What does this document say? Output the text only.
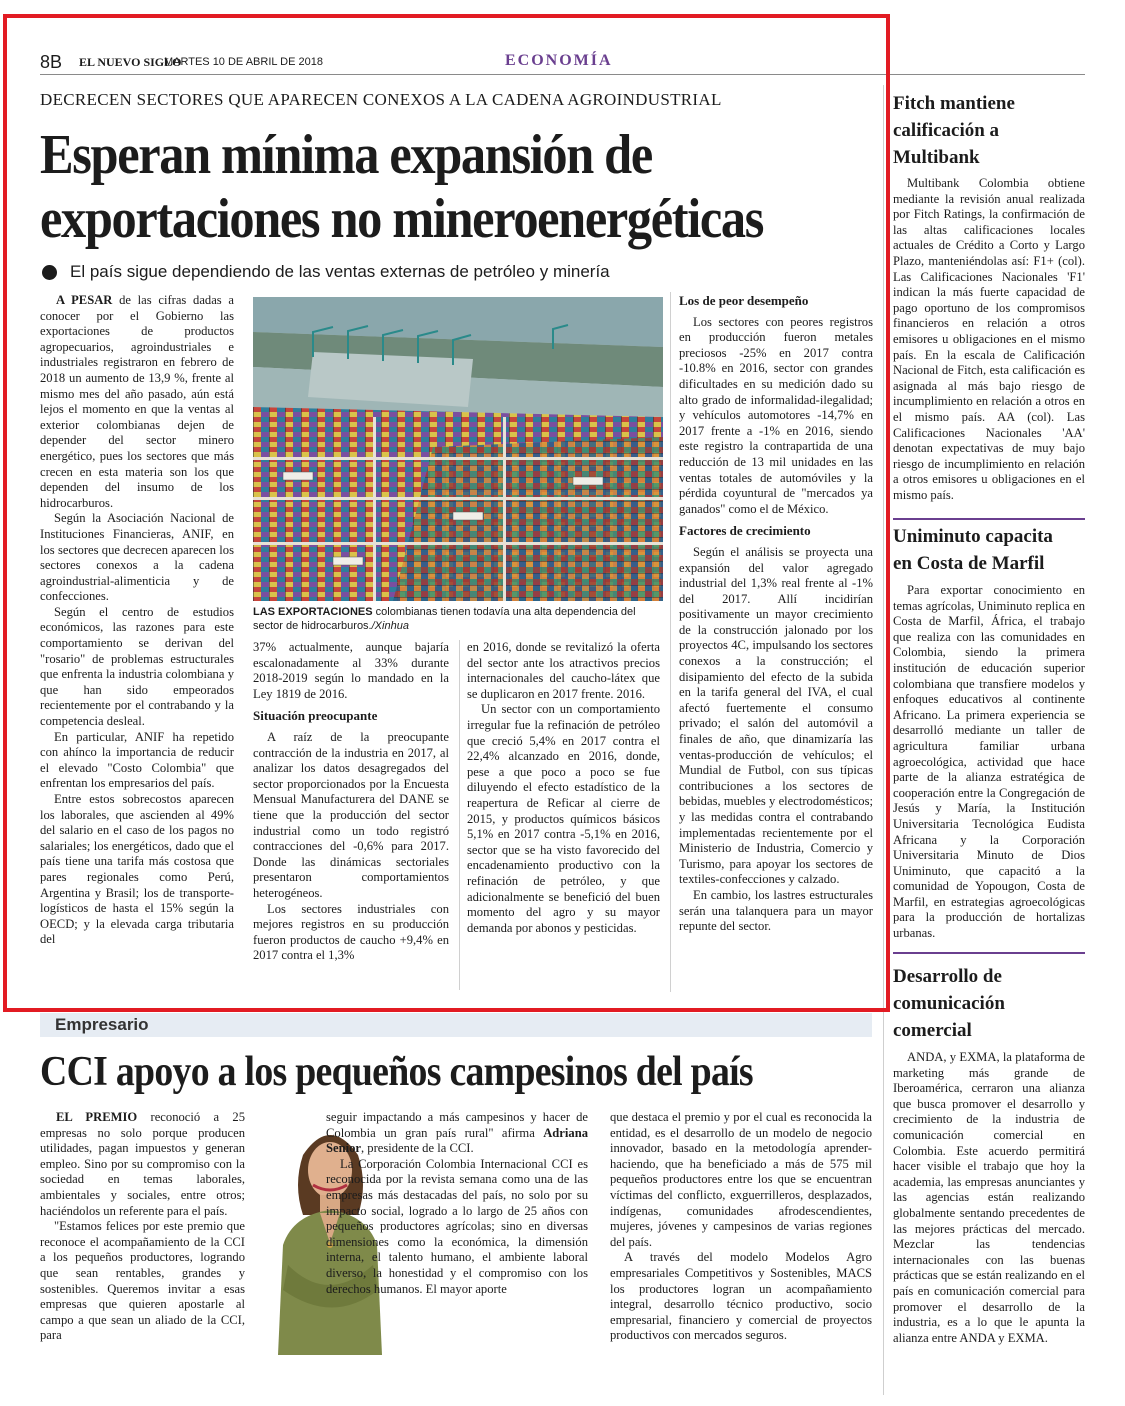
8B EL NUEVO SIGLO
MARTES 10 DE ABRIL DE 2018	ECONOMÍA
DECRECEN SECTORES QUE APARECEN CONEXOS A LA CADENA AGROINDUSTRIAL
Esperan mínima expansión de
exportaciones no mineroenergéticas
El país sigue dependiendo de las ventas externas de petróleo y minería

A PESAR de las cifras dadas a conocer por el Gobierno las exportaciones de productos agropecuarios, agroindustriales e industriales registraron en febrero de 2018 un aumento de 13,9 %, frente al mismo mes del año pasado, aún está lejos el momento en que la ventas al exterior colombianas dejen de depender del sector minero energético, pues los sectores que más crecen en esta materia son los que dependen del insumo de los hidrocarburos.

Según la Asociación Nacional de Instituciones Financieras, ANIF, en los sectores que decrecen aparecen los sectores conexos a la cadena agroindustrial-alimenticia y de confecciones.

Según el centro de estudios económicos, las razones para este comportamiento se derivan del "rosario" de problemas estructurales que enfrenta la industria colombiana y que han sido empeorados recientemente por el contrabando y la competencia desleal.

En particular, ANIF ha repetido con ahínco la importancia de reducir el elevado "Costo Colombia" que enfrentan los empresarios del país.

Entre estos sobrecostos aparecen los laborales, que ascienden al 49% del salario en el caso de los pagos no salariales; los energéticos, dado que el país tiene una tarifa más costosa que pares regionales como Perú, Argentina y Brasil; los de transporte-logísticos de hasta el 15% según la OECD; y la elevada carga tributaria del

LAS EXPORTACIONES colombianas tienen todavía una alta dependencia del sector de hidrocarburos./Xinhua

37% actualmente, aunque bajaría escalonadamente al 33% durante 2018-2019 según lo mandado en la Ley 1819 de 2016.

Situación preocupante

A raíz de la preocupante contracción de la industria en 2017, al analizar los datos desagregados del sector proporcionados por la Encuesta Mensual Manufacturera del DANE se tiene que la producción del sector industrial como un todo registró contracciones del -0,6% para 2017. Donde las dinámicas sectoriales presentaron comportamientos heterogéneos.

Los sectores industriales con mejores registros en su producción fueron productos de caucho +9,4% en 2017 contra el 1,3%

en 2016, donde se revitalizó la oferta del sector ante los atractivos precios internacionales del caucho-látex que se duplicaron en 2017 frente. 2016.

Un sector con un comportamiento irregular fue la refinación de petróleo que creció 5,4% en 2017 contra el 22,4% alcanzado en 2016, donde, pese a que poco a poco se fue diluyendo el efecto estadístico de la reapertura de Reficar al cierre de 2015, y productos químicos básicos 5,1% en 2017 contra -5,1% en 2016, sector que se ha visto favorecido del encadenamiento productivo con la refinación de petróleo, y que adicionalmente se benefició del buen momento del agro y su mayor demanda por abonos y pesticidas.

Los de peor desempeño

Los sectores con peores registros en producción fueron metales preciosos -25% en 2017 contra -10.8% en 2016, sector con grandes dificultades en su medición dado su alto grado de informalidad-ilegalidad; y vehículos automotores -14,7% en 2017 frente a -1% en 2016, siendo este registro la contrapartida de una reducción de 13 mil unidades en las ventas totales de automóviles y la pérdida coyuntural de "mercados ya ganados" como el de México.

Factores de crecimiento

Según el análisis se proyecta una expansión del valor agregado industrial del 1,3% real frente al -1% del 2017. Allí incidirían positivamente un mayor crecimiento de la construcción jalonado por los proyectos 4C, impulsando los sectores conexos a la construcción; el disipamiento del efecto de la subida en la tarifa general del IVA, el cual afectó fuertemente el consumo privado; el salón del automóvil a finales de año, que dinamizaría las ventas-producción de vehículos; el Mundial de Futbol, con sus típicas contribuciones a los sectores de bebidas, muebles y electrodomésticos; y las medidas contra el contrabando implementadas recientemente por el Ministerio de Industria, Comercio y Turismo, para apoyar los sectores de textiles-confecciones y calzado.

En cambio, los lastres estructurales serán una talanquera para un mayor repunte del sector.

Fitch mantiene calificación a Multibank

Multibank Colombia obtiene mediante la revisión anual realizada por Fitch Ratings, la confirmación de las altas calificaciones locales actuales de Crédito a Corto y Largo Plazo, manteniéndolas así: F1+ (col). Las Calificaciones Nacionales 'F1' indican la más fuerte capacidad de pago oportuno de los compromisos financieros en relación a otros emisores u obligaciones en el mismo país. En la escala de Calificación Nacional de Fitch, esta calificación es asignada al más bajo riesgo de incumplimiento en relación a otros en el mismo país. AA (col). Las Calificaciones Nacionales 'AA' denotan expectativas de muy bajo riesgo de incumplimiento en relación a otros emisores u obligaciones en el mismo país.

Uniminuto capacita en Costa de Marfil

Para exportar conocimiento en temas agrícolas, Uniminuto replica en Costa de Marfil, África, el trabajo que realiza con las comunidades en Colombia, siendo la primera institución de educación superior colombiana que transfiere modelos y enfoques educativos al continente Africano. La primera experiencia se desarrolló mediante un taller de agricultura familiar urbana agroecológica, actividad que hace parte de la alianza estratégica de cooperación entre la Congregación de Jesús y María, la Institución Universitaria Tecnológica Eudista Africana y la Corporación Universitaria Minuto de Dios Uniminuto, que capacitó a la comunidad de Yopougon, Costa de Marfil, en estrategias agroecológicas para la producción de hortalizas urbanas.

Desarrollo de comunicación comercial

ANDA, y EXMA, la plataforma de marketing más grande de Iberoamérica, cerraron una alianza que busca promover el desarrollo y crecimiento de la industria de comunicación comercial en Colombia. Este acuerdo permitirá hacer visible el trabajo que hoy la academia, las empresas anunciantes y las agencias están realizando globalmente sentando precedentes de las mejores prácticas del mercado. Mezclar las tendencias internacionales con las buenas prácticas que se están realizando en el país en comunicación comercial para promover el desarrollo de la industria, es a lo que le apunta la alianza entre ANDA y EXMA.

Empresario
CCI apoyo a los pequeños campesinos del país

EL PREMIO reconoció a 25 empresas no solo porque producen utilidades, pagan impuestos y generan empleo. Sino por su compromiso con la sociedad en temas laborales, ambientales y sociales, entre otros; haciéndolos un referente para el país.

"Estamos felices por este premio que reconoce el acompañamiento de la CCI a los pequeños productores, logrando que sean rentables, grandes y sostenibles. Queremos invitar a esas empresas que quieren apostarle al campo a que sean un aliado de la CCI, para

seguir impactando a más campesinos y hacer de Colombia un gran país rural" afirma Adriana Senior, presidente de la CCI.

La Corporación Colombia Internacional CCI es reconocida por la revista semana como una de las empresas más destacadas del país, no solo por su impacto social, logrado a lo largo de 25 años con pequeños productores agrícolas; sino en diversas dimensiones como la económica, la dimensión interna, el talento humano, el ambiente laboral diverso, la honestidad y el compromiso con los derechos humanos. El mayor aporte

que destaca el premio y por el cual es reconocida la entidad, es el desarrollo de un modelo de negocio innovador, basado en la metodología aprender-haciendo, que ha beneficiado a más de 575 mil pequeños productores entre los que se encuentran víctimas del conflicto, exguerrilleros, desplazados, indígenas, comunidades afrodescendientes, mujeres, jóvenes y campesinos de varias regiones del país.

A través del modelo Modelos Agro empresariales Competitivos y Sostenibles, MACS los productores logran un acompañamiento integral, desarrollo técnico productivo, socio empresarial, financiero y comercial de proyectos productivos con mercados seguros.
